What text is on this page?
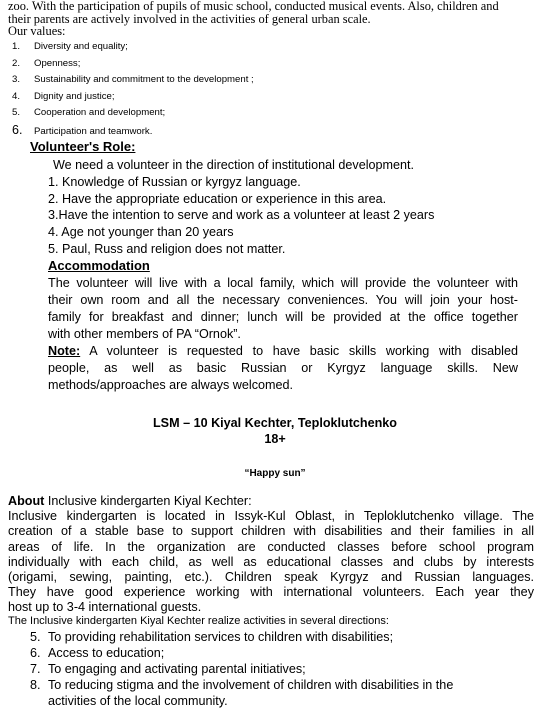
zoo. With the participation of pupils of music school, conducted musical events. Also, children and
their parents are actively involved in the activities of general urban scale.
Our values:
1. Diversity and equality;
2. Openness;
3. Sustainability and commitment to the development ;
4. Dignity and justice;
5. Cooperation and development;
6. Participation and teamwork.
Volunteer's Role:
We need a volunteer in the direction of institutional development.
1. Knowledge of Russian or kyrgyz language.
2. Have the appropriate education or experience in this area.
3.Have the intention to serve and work as a volunteer at least 2 years
4. Age not younger than 20 years
5. Paul, Russ and religion does not matter.
Accommodation
The volunteer will live with a local family, which will provide the volunteer with
their own room and all the necessary conveniences. You will join your host-
family for breakfast and dinner; lunch will be provided at the office together
with other members of PA “Ornok”.
Note: A volunteer is requested to have basic skills working with disabled
people, as well as basic Russian or Kyrgyz language skills. New
methods/approaches are always welcomed.
LSM – 10 Kiyal Kechter, Teploklutchenko
18+
“Happy sun”
About Inclusive kindergarten Kiyal Kechter:
Inclusive kindergarten is located in Issyk-Kul Oblast, in Teploklutchenko village. The
creation of a stable base to support children with disabilities and their families in all
areas of life. In the organization are conducted classes before school program
individually with each child, as well as educational classes and clubs by interests
(origami, sewing, painting, etc.). Children speak Kyrgyz and Russian languages.
They have good experience working with international volunteers. Each year they
host up to 3-4 international guests.
The Inclusive kindergarten Kiyal Kechter realize activities in several directions:
5. To providing rehabilitation services to children with disabilities;
6. Access to education;
7. To engaging and activating parental initiatives;
8. To reducing stigma and the involvement of children with disabilities in the
activities of the local community.
